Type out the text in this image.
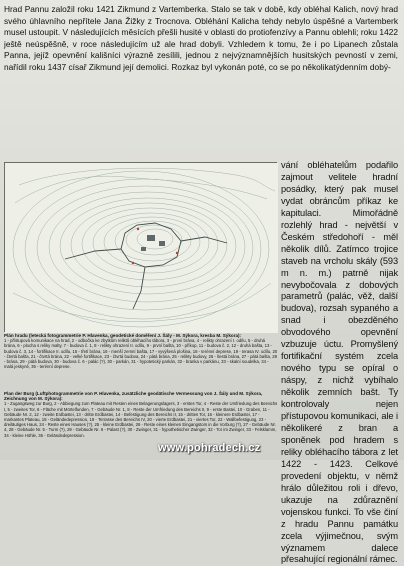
Hrad Pannu založil roku 1421 Zikmund z Vartemberka. Stalo se tak v době, kdy obléhal Kalich, nový hrad svého úhlavního nepřítele Jana Žižky z Trocnova. Obléhání Kalicha tehdy nebylo úspěšné a Vartemberk musel ustoupit. V následujících měsících přešli husité v oblasti do protiofenzívy a Pannu oblehli; roku 1422 ještě neúspěšně, v roce následujícím už ale hrad dobyli. Vzhledem k tomu, že i po Lipanech zůstala Panna, jejíž opevnění kališníci výrazně zesílili, jednou z nejvýznamnějších husitských pevností v zemi, nařídil roku 1437 císař Zikmund její demolici. Rozkaz byl vykonán poté, co se po několikatýdenním dobý-

vání obléhatelům podařilo zajmout velitele hradní posádky, který pak musel vydat obráncům příkaz ke kapitulaci. Mimořádně rozlehlý hrad - největší v Českém středohoří - měl několik dílů. Zatímco trojice staveb na vrcholu skály (593 m n. m.) patrně nijak nevybočovala z dobových parametrů (palác, věž, další budova), rozsah sypaného a snad i obezděného obvodového opevnění vzbuzuje úctu. Promyšlený fortifikační systém zcela nového typu se opíral o náspy, z nichž vybíhalo několik zemních bašt. Ty kontrolovaly nejen přístupovou komunikaci, ale i několikeré z bran a sponěnek pod hradem s reliky obléhacího tábora z let 1422 - 1423. Celkové provedení objektu, v němž hrálo důležitou roli i dřevo, ukazuje na zdůraznění vojenskou funkci. To vše činí z hradu Pannu památku zcela výjimečnou, svým významem dalece přesahující regionální rámec.

Plán hradu (letecká fotogrammetrie P. Hlavenka, geodetické doměření J. Šály - M. Sýkora, kresba M. Sýkora):
1 - přístupová komunikace na hrad, 2 - odbočka ke zbytkům reliktů obléhacího tábora, 3 - první brána, 4 - relikty ohrazení I. odílu, 5 - druhá brána, 6 - plocha s reliky malty, 7 - budova č. 1, 8 - relikty ohrazení II. odílu, 9 - první bašta, 10 - příkop, 11 - budova č. 2, 12 - druhá bašta, 13 - budova č. 3, 14 - fortifikace II. odílu, 15 - třetí brána, 16 - menší zemní bašta, 17 - vyvýšená plošina, 18 - terénní deprese, 19 - terasa IV. odílu, 20 - čtvrtá bašta, 21 - čtvrtá brána, 22 - velké fortifikace, 23 - čtvrtá budova, 24 - pátá brána, 25 - relikty budovy, 26 - šestá brána, 27 - pátá bašta, 28 - brána, 29 - pátá budova, 30 - budova č. 6 - palác (?), 30 - parkán, 31 - hypotetický parkán, 32 - branka v parkánu, 33 - skalní soudelka, 34 - malá jeskyně, 35 - terénní deprese.
Plan der Burg (Luftphotogrammetrie von P. Hlavenka, zusätzliche geodätische Vermessung von J. Šály und M. Sýkora, Zeichnung von M. Sýkora):
1 - Zugangsweg zur Burg, 2 - Abbiegung zum Plateau mit Resten eines Belagerungslagers, 3 - erstes Tor, 4 - Reste der Umfriedung des Bereichs I, 5 - zweites Tor, 6 - Fläche mit Mörtelfunden, 7 - Gebäude Nr. 1, 8 - Reste der Umfriedung des Bereichs II, 9 - erste Bastei, 10 - Graben, 11 - Gebäude Nr. 2, 12 - zweite Erdbastei, 13 - dritte Erdbastei, 14 - Befestigung des Bereichs II, 15 - drittes Tor, 16 - kleinere Erdbastei, 17 - markantes Plateau, 18 - Geländedepression, 19 - Terrasse des Bereichs IV, 20 - vierte Erdbastei, 21 - viertes Tor, 22 - Wallbefestigung, 23 - dreiläutiges Haus, 24 - Reste eines Hauses (?), 25 - kleine Erdbastei, 26 - Reste eines kleinen Eingangstors in die Vorburg (?), 27 - Gebäude Nr. 4, 28 - Gebäude Nr. 5 - Turm (?), 29 - Gebäude Nr. 6 - Palast (?), 30 - Zwinger, 31 - hypothetischer Zwinger, 32 - Tor im Zwinger, 33 - Felsklamm, 34 - kleine Höhle, 35 - Geländedepression.
www.pohradech.cz
